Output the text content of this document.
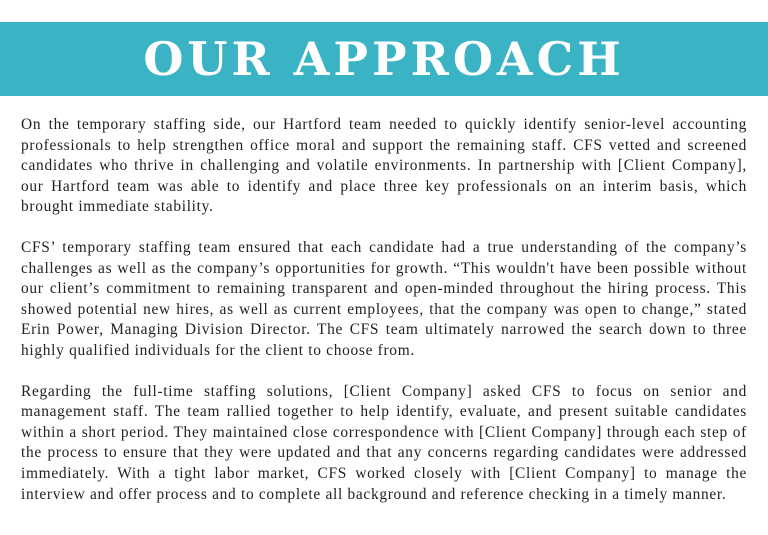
OUR APPROACH

On the temporary staffing side, our Hartford team needed to quickly identify senior-level accounting professionals to help strengthen office moral and support the remaining staff. CFS vetted and screened candidates who thrive in challenging and volatile environments. In partnership with [Client Company], our Hartford team was able to identify and place three key professionals on an interim basis, which brought immediate stability.

CFS’ temporary staffing team ensured that each candidate had a true understanding of the company’s challenges as well as the company’s opportunities for growth. “This wouldn't have been possible without our client’s commitment to remaining transparent and open-minded throughout the hiring process. This showed potential new hires, as well as current employees, that the company was open to change,” stated Erin Power, Managing Division Director. The CFS team ultimately narrowed the search down to three highly qualified individuals for the client to choose from.

Regarding the full-time staffing solutions, [Client Company] asked CFS to focus on senior and management staff. The team rallied together to help identify, evaluate, and present suitable candidates within a short period. They maintained close correspondence with [Client Company] through each step of the process to ensure that they were updated and that any concerns regarding candidates were addressed immediately. With a tight labor market, CFS worked closely with [Client Company] to manage the interview and offer process and to complete all background and reference checking in a timely manner.
